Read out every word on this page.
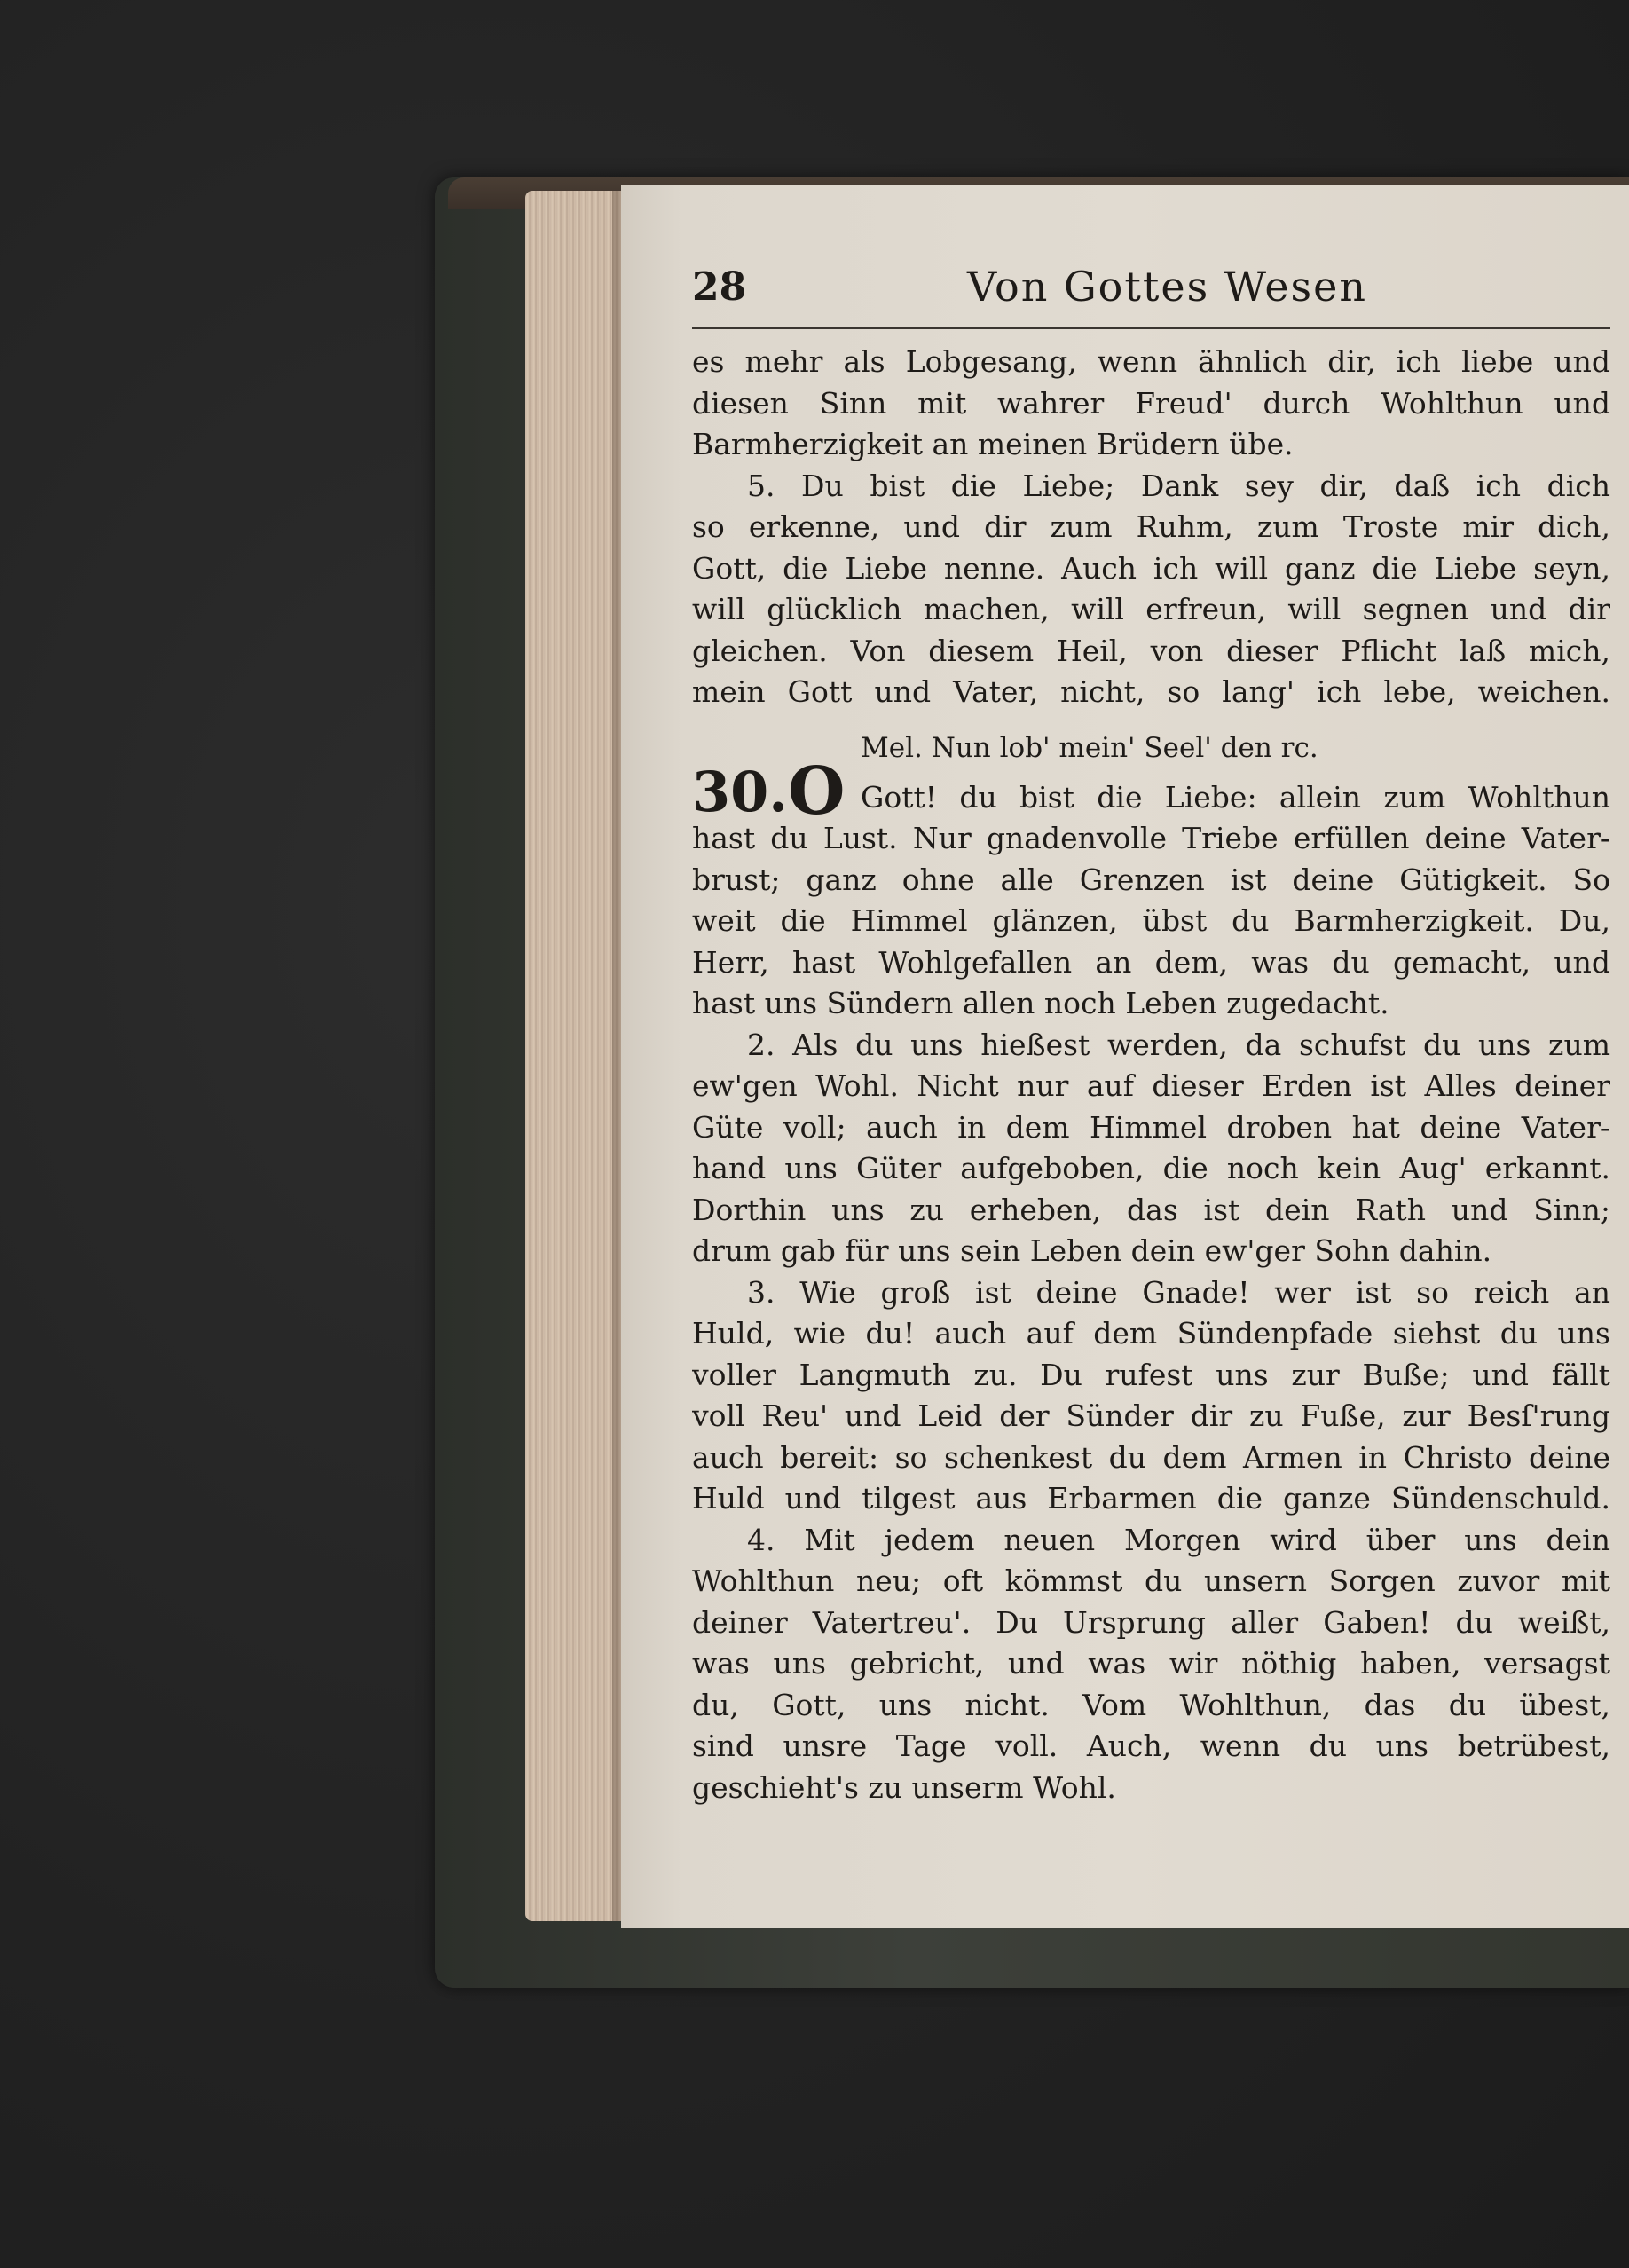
28	Von Gottes Wesen
es mehr als Lobgesang, wenn ähnlich dir, ich liebe und
diesen Sinn mit wahrer Freud' durch Wohlthun und
Barmherzigkeit an meinen Brüdern übe.
5. Du bist die Liebe; Dank sey dir, daß ich dich
so erkenne, und dir zum Ruhm, zum Troste mir dich,
Gott, die Liebe nenne. Auch ich will ganz die Liebe seyn,
will glücklich machen, will erfreun, will segnen und dir
gleichen. Von diesem Heil, von dieser Pflicht laß mich,
mein Gott und Vater, nicht, so lang' ich lebe, weichen.
Mel. Nun lob' mein' Seel' den rc.
30. O Gott! du bist die Liebe: allein zum Wohlthun
hast du Lust. Nur gnadenvolle Triebe erfüllen deine Vater-
brust; ganz ohne alle Grenzen ist deine Gütigkeit. So
weit die Himmel glänzen, übst du Barmherzigkeit. Du,
Herr, hast Wohlgefallen an dem, was du gemacht, und
hast uns Sündern allen noch Leben zugedacht.
2. Als du uns hießest werden, da schufst du uns zum
ew'gen Wohl. Nicht nur auf dieser Erden ist Alles deiner
Güte voll; auch in dem Himmel droben hat deine Vater-
hand uns Güter aufgeboben, die noch kein Aug' erkannt.
Dorthin uns zu erheben, das ist dein Rath und Sinn;
drum gab für uns sein Leben dein ew'ger Sohn dahin.
3. Wie groß ist deine Gnade! wer ist so reich an
Huld, wie du! auch auf dem Sündenpfade siehst du uns
voller Langmuth zu. Du rufest uns zur Buße; und fällt
voll Reu' und Leid der Sünder dir zu Fuße, zur Besſ'rung
auch bereit: so schenkest du dem Armen in Christo deine
Huld und tilgest aus Erbarmen die ganze Sündenschuld.
4. Mit jedem neuen Morgen wird über uns dein
Wohlthun neu; oft kömmst du unsern Sorgen zuvor mit
deiner Vatertreu'. Du Ursprung aller Gaben! du weißt,
was uns gebricht, und was wir nöthig haben, versagst
du, Gott, uns nicht. Vom Wohlthun, das du übest,
sind unsre Tage voll. Auch, wenn du uns betrübest,
geschieht's zu unserm Wohl.
